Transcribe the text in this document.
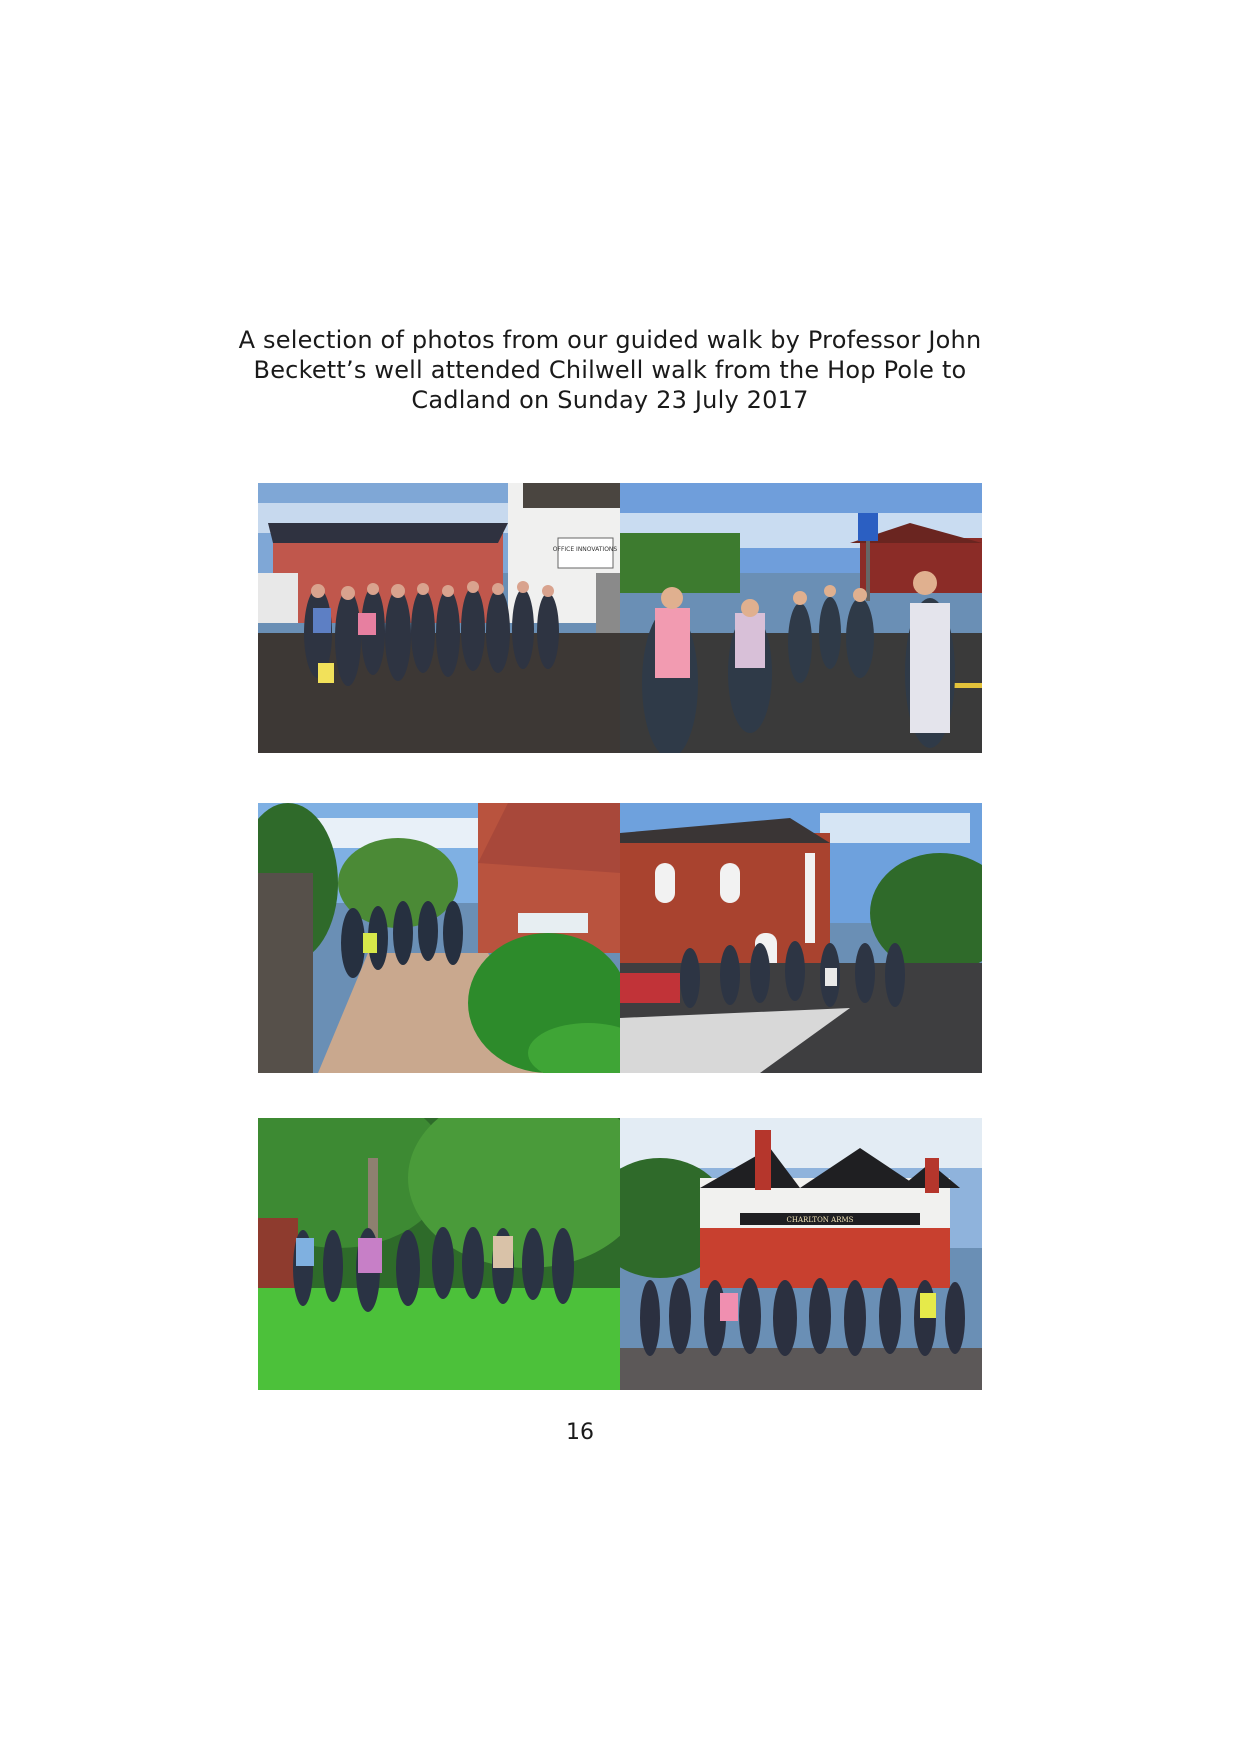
A selection of photos from our guided walk by Professor John
Beckett’s well attended Chilwell walk from the Hop Pole to
Cadland on Sunday 23 July 2017
OFFICE INNOVATIONS
CHARLTON ARMS
16
